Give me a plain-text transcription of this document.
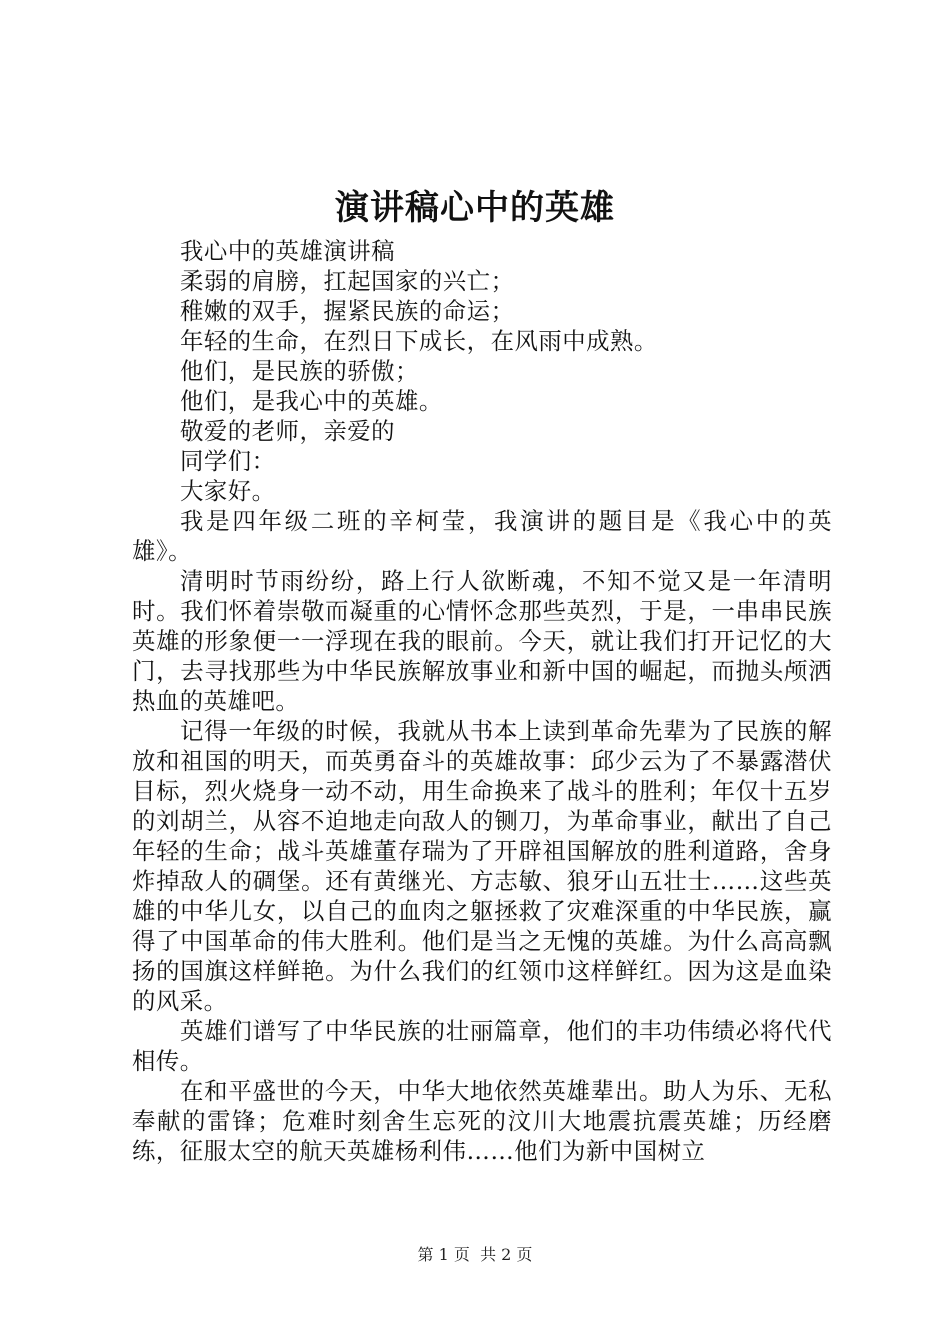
演讲稿心中的英雄

我心中的英雄演讲稿

柔弱的肩膀，扛起国家的兴亡；

稚嫩的双手，握紧民族的命运；

年轻的生命，在烈日下成长，在风雨中成熟。

他们，是民族的骄傲；

他们，是我心中的英雄。

敬爱的老师，亲爱的

同学们：

大家好。

我是四年级二班的辛柯莹，我演讲的题目是《我心中的英雄》。

清明时节雨纷纷，路上行人欲断魂，不知不觉又是一年清明时。我们怀着崇敬而凝重的心情怀念那些英烈，于是，一串串民族英雄的形象便一一浮现在我的眼前。今天，就让我们打开记忆的大门，去寻找那些为中华民族解放事业和新中国的崛起，而抛头颅洒热血的英雄吧。

记得一年级的时候，我就从书本上读到革命先辈为了民族的解放和祖国的明天，而英勇奋斗的英雄故事：邱少云为了不暴露潜伏目标，烈火烧身一动不动，用生命换来了战斗的胜利；年仅十五岁的刘胡兰，从容不迫地走向敌人的铡刀，为革命事业，献出了自己年轻的生命；战斗英雄董存瑞为了开辟祖国解放的胜利道路，舍身炸掉敌人的碉堡。还有黄继光、方志敏、狼牙山五壮士……这些英雄的中华儿女，以自己的血肉之躯拯救了灾难深重的中华民族，赢得了中国革命的伟大胜利。他们是当之无愧的英雄。为什么高高飘扬的国旗这样鲜艳。为什么我们的红领巾这样鲜红。因为这是血染的风采。

英雄们谱写了中华民族的壮丽篇章，他们的丰功伟绩必将代代相传。

在和平盛世的今天，中华大地依然英雄辈出。助人为乐、无私奉献的雷锋；危难时刻舍生忘死的汶川大地震抗震英雄；历经磨练，征服太空的航天英雄杨利伟……他们为新中国树立

第 1 页  共 2 页
